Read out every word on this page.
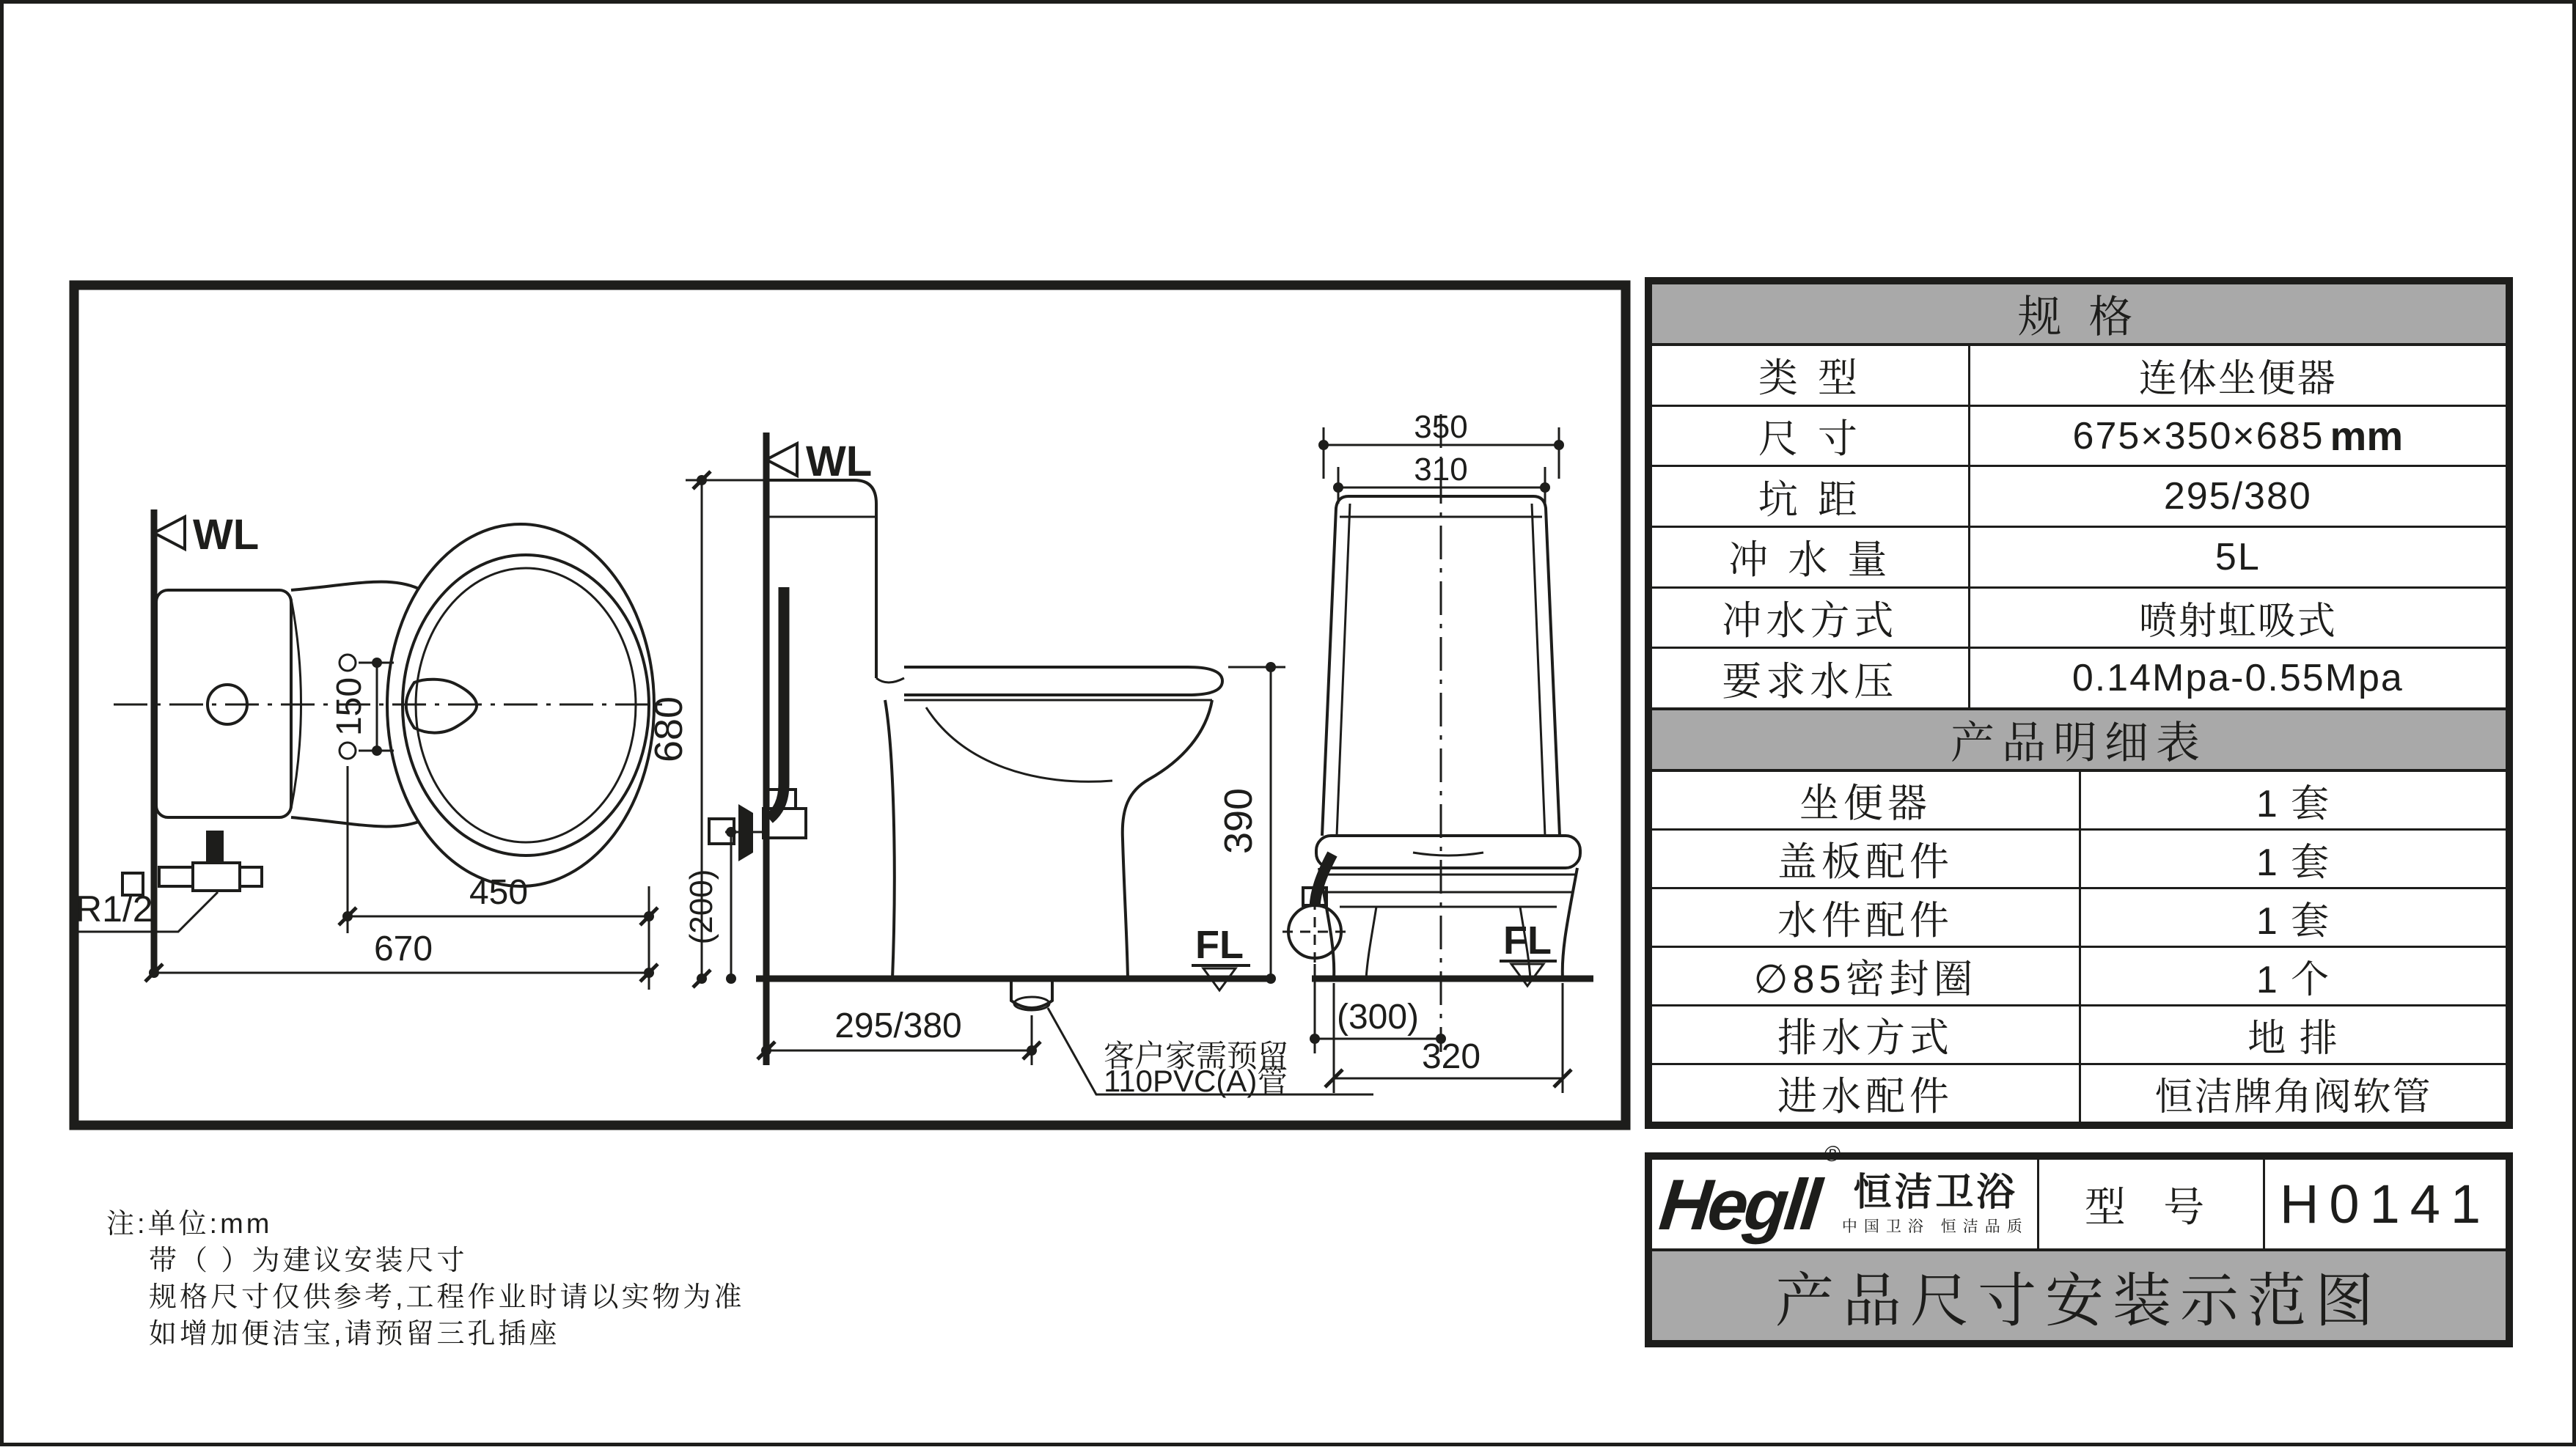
WL
150
450
670
R1/2
WL
680
(200)
390
FL
客户家需预留
110PVC(A)管
295/380
350
310
(300)
320
FL
注:单位:mm
带（ ）为建议安装尺寸
规格尺寸仅供参考,工程作业时请以实物为准
如增加便洁宝,请预留三孔插座
规 格
类 型	连体坐便器
尺 寸	675×350×685 mm
坑 距	295/380
冲 水 量	5L
冲水方式	喷射虹吸式
要求水压	0.14Mpa-0.55Mpa
产品明细表
坐便器	1 套
盖板配件	1 套
水件配件	1 套
∅85密封圈	1 个
排水方式	地 排
进水配件	恒洁牌角阀软管
Hegll®
恒洁卫浴
中国卫浴 恒洁品质	型 号	H0141
产品尺寸安装示范图
